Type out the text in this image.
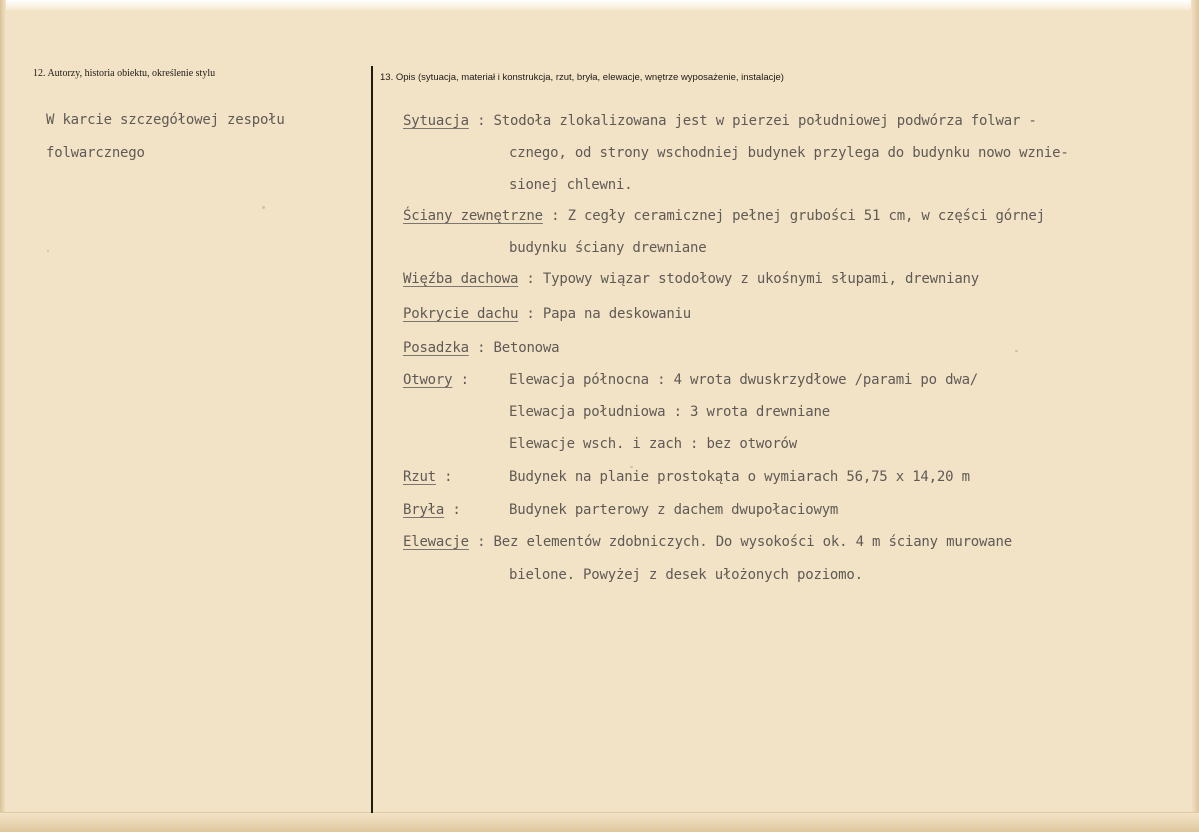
12. Autorzy, historia obiektu, określenie stylu
W karcie szczegółowej zespołu
folwarcznego
13. Opis (sytuacja, materiał i konstrukcja, rzut, bryła, elewacje, wnętrze wyposażenie, instalacje)
Sytuacja : Stodoła zlokalizowana jest w pierzei południowej podwórza folwar -
cznego, od strony wschodniej budynek przylega do budynku nowo wznie-
sionej chlewni.
Ściany zewnętrzne : Z cegły ceramicznej pełnej grubości 51 cm, w części górnej
budynku ściany drewniane
Więźba dachowa : Typowy wiązar stodołowy z ukośnymi słupami, drewniany
Pokrycie dachu : Papa na deskowaniu
Posadzka : Betonowa
Otwory :	Elewacja północna : 4 wrota dwuskrzydłowe /parami po dwa/
Elewacja południowa : 3 wrota drewniane
Elewacje wsch. i zach : bez otworów
Rzut :	Budynek na planie prostokąta o wymiarach 56,75 x 14,20 m
Bryła :	Budynek parterowy z dachem dwupołaciowym
Elewacje : Bez elementów zdobniczych. Do wysokości ok. 4 m ściany murowane
bielone. Powyżej z desek ułożonych poziomo.
